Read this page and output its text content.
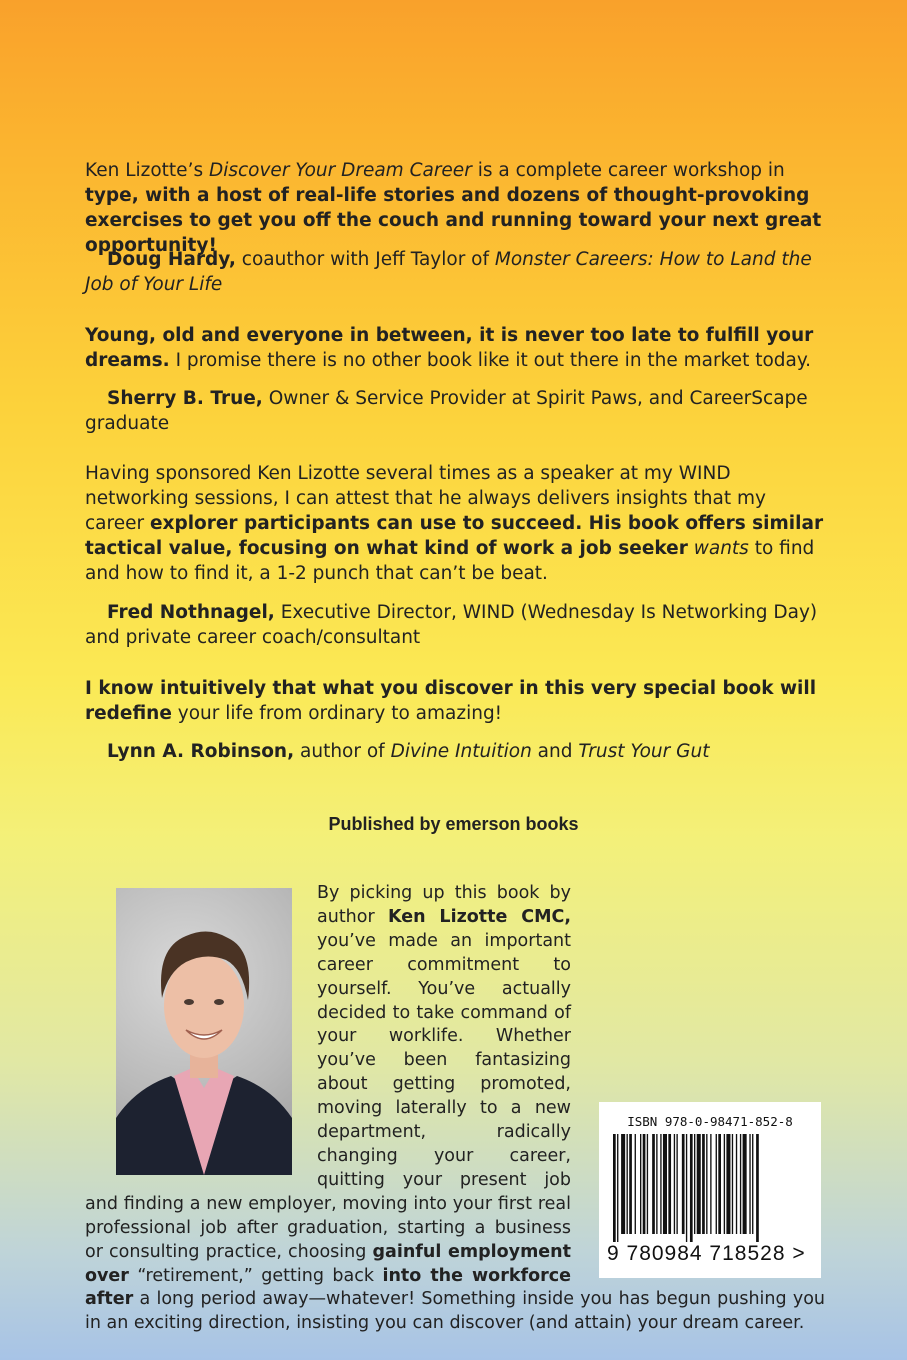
Ken Lizotte’s Discover Your Dream Career is a complete career workshop in type, with a host of real-life stories and dozens of thought-provoking exercises to get you off the couch and running toward your next great opportunity!

Doug Hardy, coauthor with Jeff Taylor of Monster Careers: How to Land the Job of Your Life

Young, old and everyone in between, it is never too late to fulfill your dreams. I promise there is no other book like it out there in the market today.

Sherry B. True, Owner & Service Provider at Spirit Paws, and CareerScape graduate

Having sponsored Ken Lizotte several times as a speaker at my WIND networking sessions, I can attest that he always delivers insights that my career explorer participants can use to succeed. His book offers similar tactical value, focusing on what kind of work a job seeker wants to find and how to find it, a 1-2 punch that can’t be beat.

Fred Nothnagel, Executive Director, WIND (Wednesday Is Networking Day) and private career coach/consultant

I know intuitively that what you discover in this very special book will redefine your life from ordinary to amazing!

Lynn A. Robinson, author of Divine Intuition and Trust Your Gut

Published by emerson books
By picking up this book by author Ken Lizotte CMC, you’ve made an important career commitment to yourself. You’ve actually decided to take command of your worklife. Whether you’ve been fantasizing about getting promoted, moving laterally to a new department, radically changing your career, quitting your present job and finding a new employer, moving into your first real professional job after graduation, starting a business or consulting practice, choosing gainful employment over “retirement,” getting back into the workforce after a long period away—whatever! Something inside you has begun pushing you in an exciting direction, insisting you can discover (and attain) your dream career.
ISBN 978-0-98471-852-8
9 780984 718528 >
